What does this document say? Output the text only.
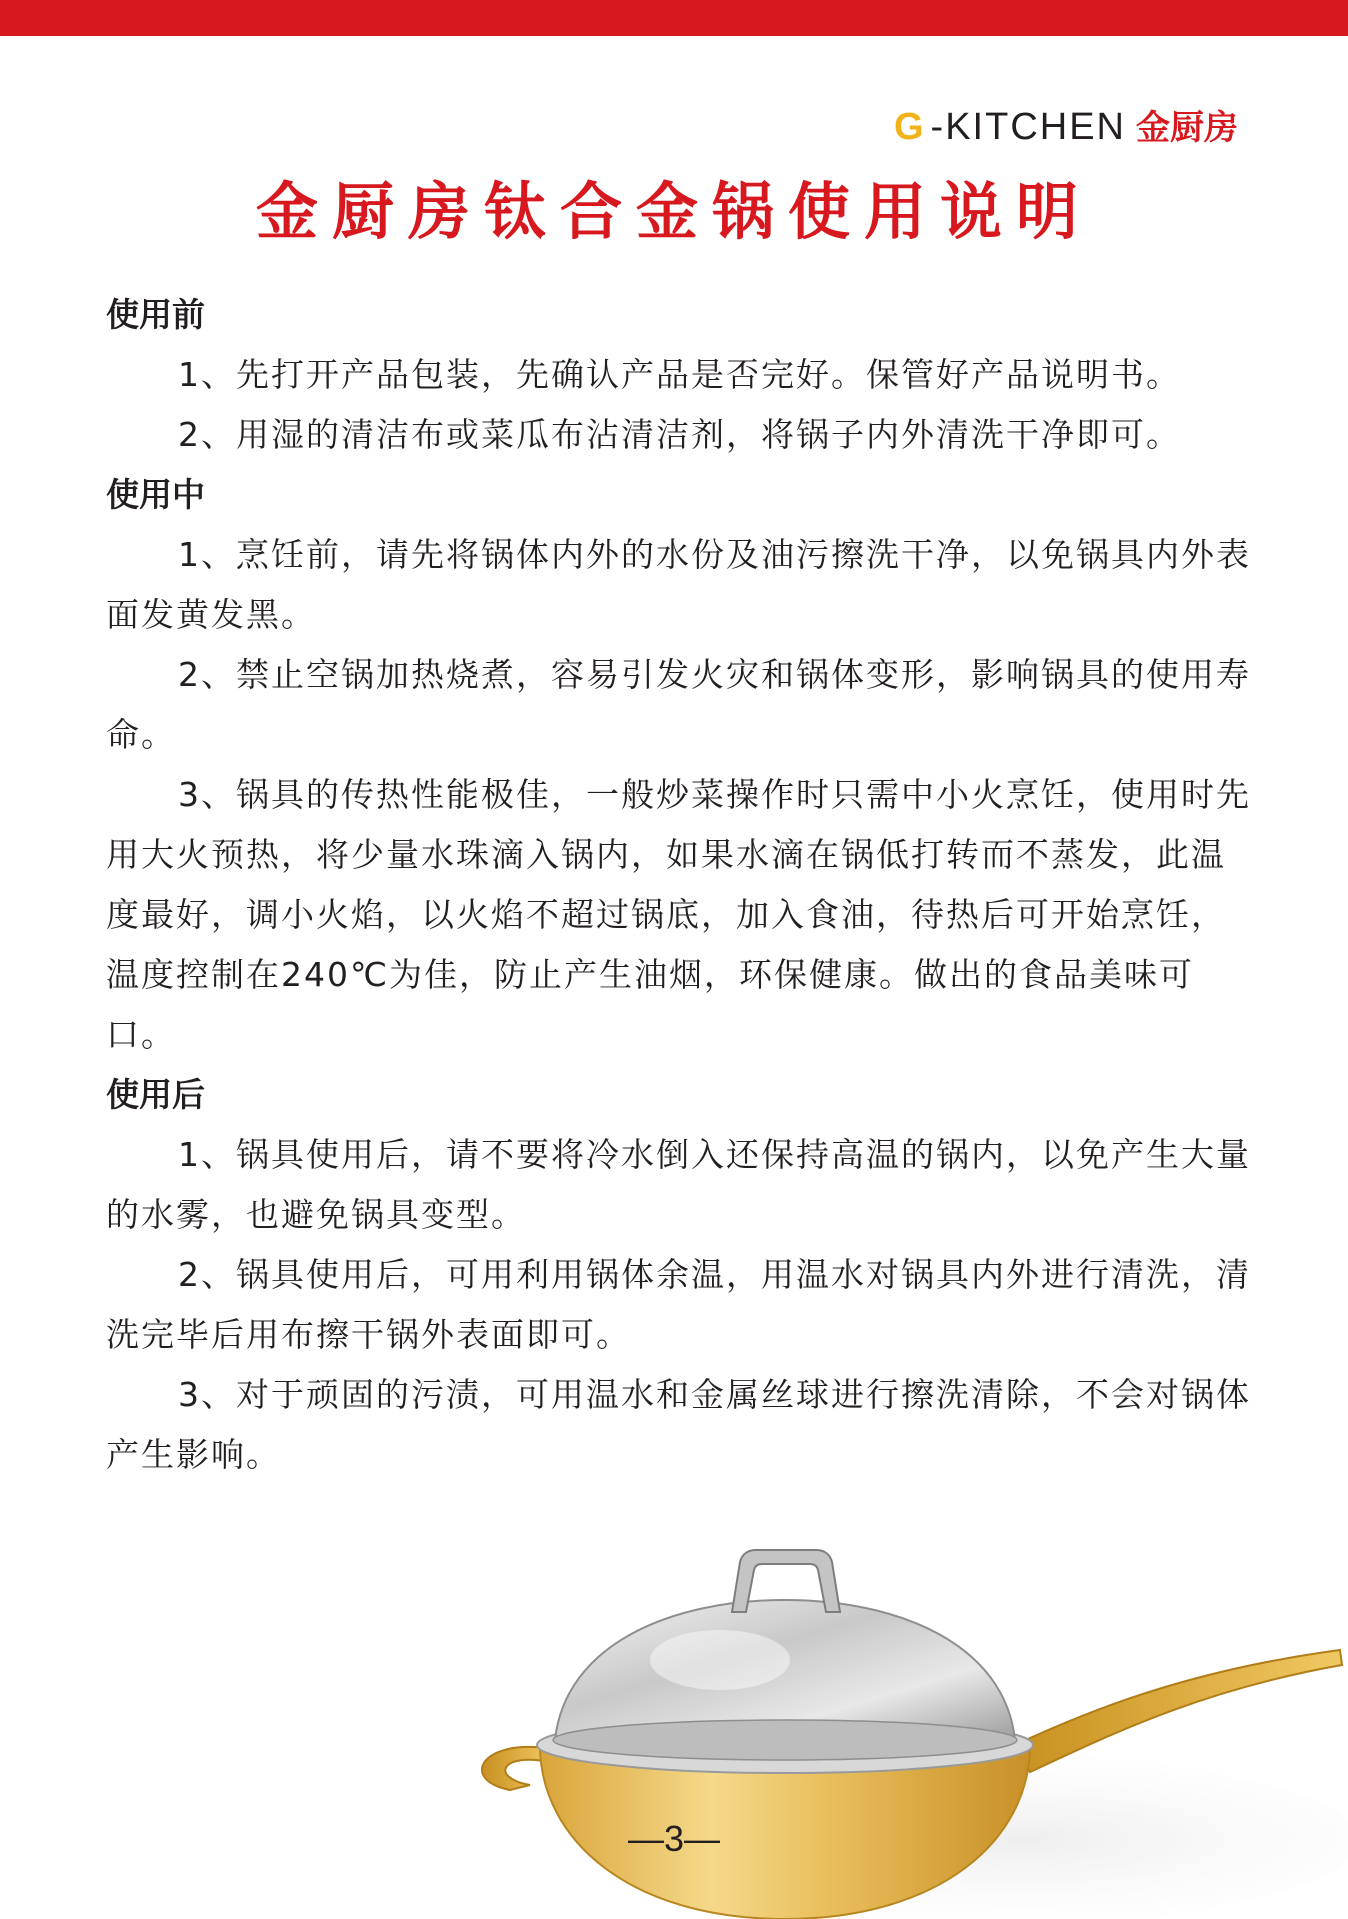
G -KITCHEN 金厨房
金厨房钛合金锅使用说明

使用前

1、先打开产品包装，先确认产品是否完好。保管好产品说明书。

2、用湿的清洁布或菜瓜布沾清洁剂，将锅子内外清洗干净即可。

使用中

1、烹饪前，请先将锅体内外的水份及油污擦洗干净，以免锅具内外表面发黄发黑。

2、禁止空锅加热烧煮，容易引发火灾和锅体变形，影响锅具的使用寿命。

3、锅具的传热性能极佳，一般炒菜操作时只需中小火烹饪，使用时先用大火预热，将少量水珠滴入锅内，如果水滴在锅低打转而不蒸发，此温度最好，调小火焰，以火焰不超过锅底，加入食油，待热后可开始烹饪，温度控制在240℃为佳，防止产生油烟，环保健康。做出的食品美味可口。

使用后

1、锅具使用后，请不要将冷水倒入还保持高温的锅内，以免产生大量的水雾，也避免锅具变型。

2、锅具使用后，可用利用锅体余温，用温水对锅具内外进行清洗，清洗完毕后用布擦干锅外表面即可。

3、对于顽固的污渍，可用温水和金属丝球进行擦洗清除，不会对锅体产生影响。

—3—
